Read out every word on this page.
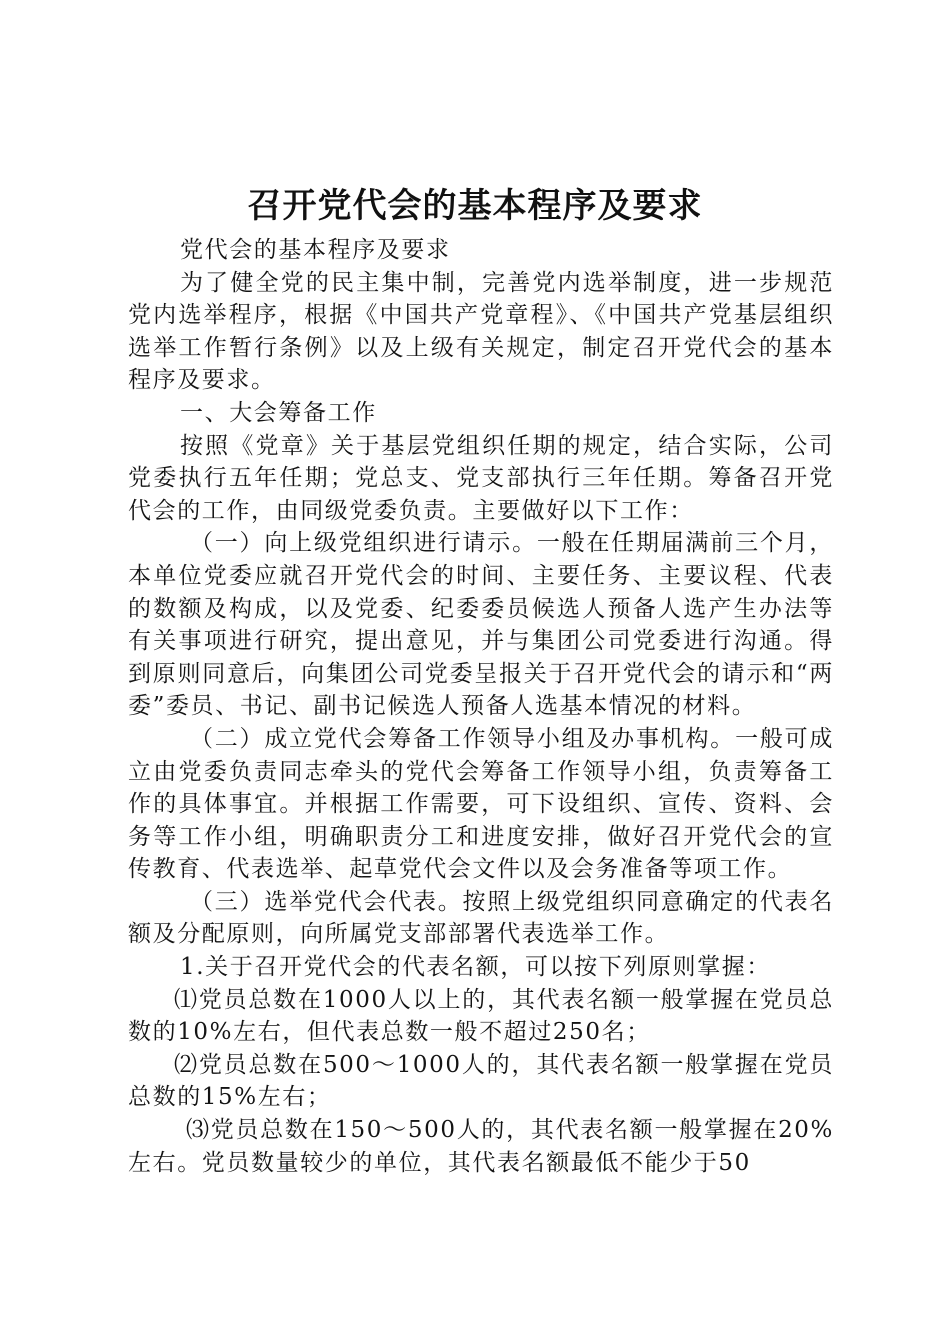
召开党代会的基本程序及要求

党代会的基本程序及要求

为了健全党的民主集中制，完善党内选举制度，进一步规范党内选举程序，根据《中国共产党章程》、《中国共产党基层组织选举工作暂行条例》以及上级有关规定，制定召开党代会的基本程序及要求。

一、大会筹备工作

按照《党章》关于基层党组织任期的规定，结合实际，公司党委执行五年任期；党总支、党支部执行三年任期。筹备召开党代会的工作，由同级党委负责。主要做好以下工作：

（一）向上级党组织进行请示。一般在任期届满前三个月，本单位党委应就召开党代会的时间、主要任务、主要议程、代表的数额及构成，以及党委、纪委委员候选人预备人选产生办法等有关事项进行研究，提出意见，并与集团公司党委进行沟通。得到原则同意后，向集团公司党委呈报关于召开党代会的请示和“两委”委员、书记、副书记候选人预备人选基本情况的材料。

（二）成立党代会筹备工作领导小组及办事机构。一般可成立由党委负责同志牵头的党代会筹备工作领导小组，负责筹备工作的具体事宜。并根据工作需要，可下设组织、宣传、资料、会务等工作小组，明确职责分工和进度安排，做好召开党代会的宣传教育、代表选举、起草党代会文件以及会务准备等项工作。

（三）选举党代会代表。按照上级党组织同意确定的代表名额及分配原则，向所属党支部部署代表选举工作。

1.关于召开党代会的代表名额，可以按下列原则掌握：

⑴党员总数在1000人以上的，其代表名额一般掌握在党员总数的10%左右，但代表总数一般不超过250名；

⑵党员总数在500～1000人的，其代表名额一般掌握在党员总数的15%左右；

⑶党员总数在150～500人的，其代表名额一般掌握在20%左右。党员数量较少的单位，其代表名额最低不能少于50
